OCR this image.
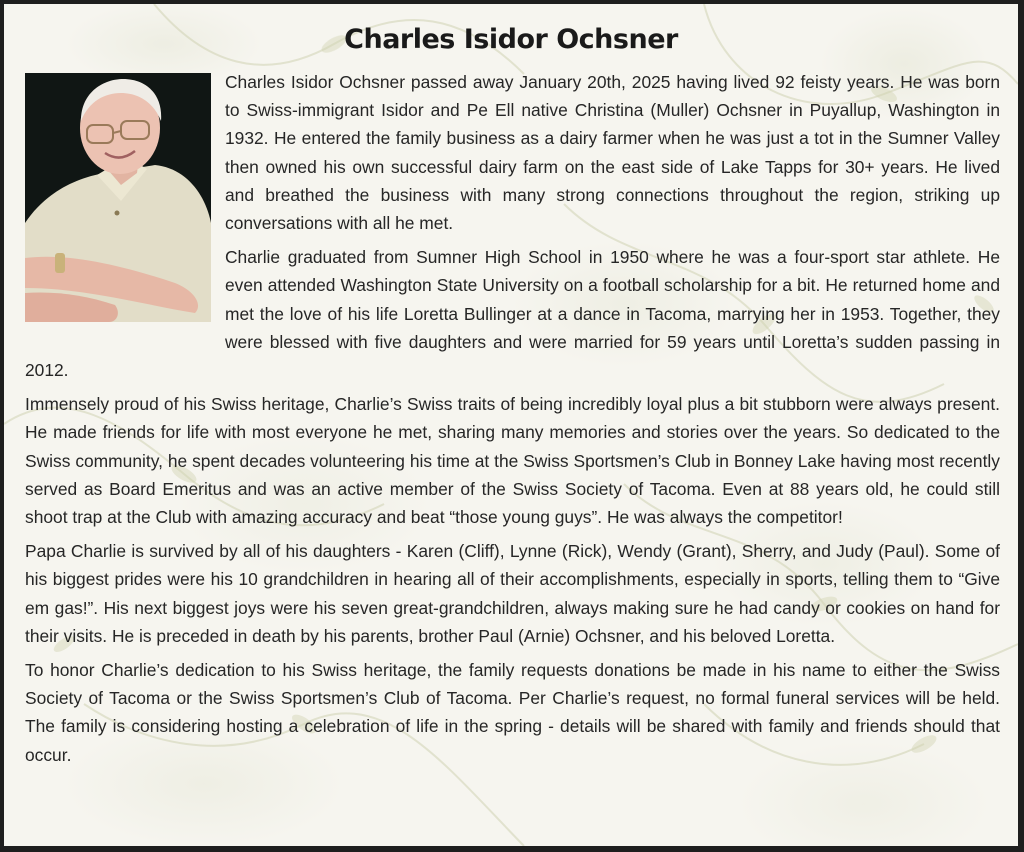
Charles Isidor Ochsner

Charles Isidor Ochsner passed away January 20th, 2025 having lived 92 feisty years. He was born to Swiss-immigrant Isidor and Pe Ell native Christina (Muller) Ochsner in Puyallup, Washington in 1932. He entered the family business as a dairy farmer when he was just a tot in the Sumner Valley then owned his own successful dairy farm on the east side of Lake Tapps for 30+ years. He lived and breathed the business with many strong connections throughout the region, striking up conversations with all he met.

Charlie graduated from Sumner High School in 1950 where he was a four-sport star athlete. He even attended Washington State University on a football scholarship for a bit. He returned home and met the love of his life Loretta Bullinger at a dance in Tacoma, marrying her in 1953. Together, they were blessed with five daughters and were married for 59 years until Loretta’s sudden passing in 2012.

Immensely proud of his Swiss heritage, Charlie’s Swiss traits of being incredibly loyal plus a bit stubborn were always present. He made friends for life with most everyone he met, sharing many memories and stories over the years. So dedicated to the Swiss community, he spent decades volunteering his time at the Swiss Sportsmen’s Club in Bonney Lake having most recently served as Board Emeritus and was an active member of the Swiss Society of Tacoma. Even at 88 years old, he could still shoot trap at the Club with amazing accuracy and beat “those young guys”. He was always the competitor!

Papa Charlie is survived by all of his daughters - Karen (Cliff), Lynne (Rick), Wendy (Grant), Sherry, and Judy (Paul). Some of his biggest prides were his 10 grandchildren in hearing all of their accomplishments, especially in sports, telling them to “Give em gas!”. His next biggest joys were his seven great-grandchildren, always making sure he had candy or cookies on hand for their visits. He is preceded in death by his parents, brother Paul (Arnie) Ochsner, and his beloved Loretta.

To honor Charlie’s dedication to his Swiss heritage, the family requests donations be made in his name to either the Swiss Society of Tacoma or the Swiss Sportsmen’s Club of Tacoma. Per Charlie’s request, no formal funeral services will be held. The family is considering hosting a celebration of life in the spring - details will be shared with family and friends should that occur.
